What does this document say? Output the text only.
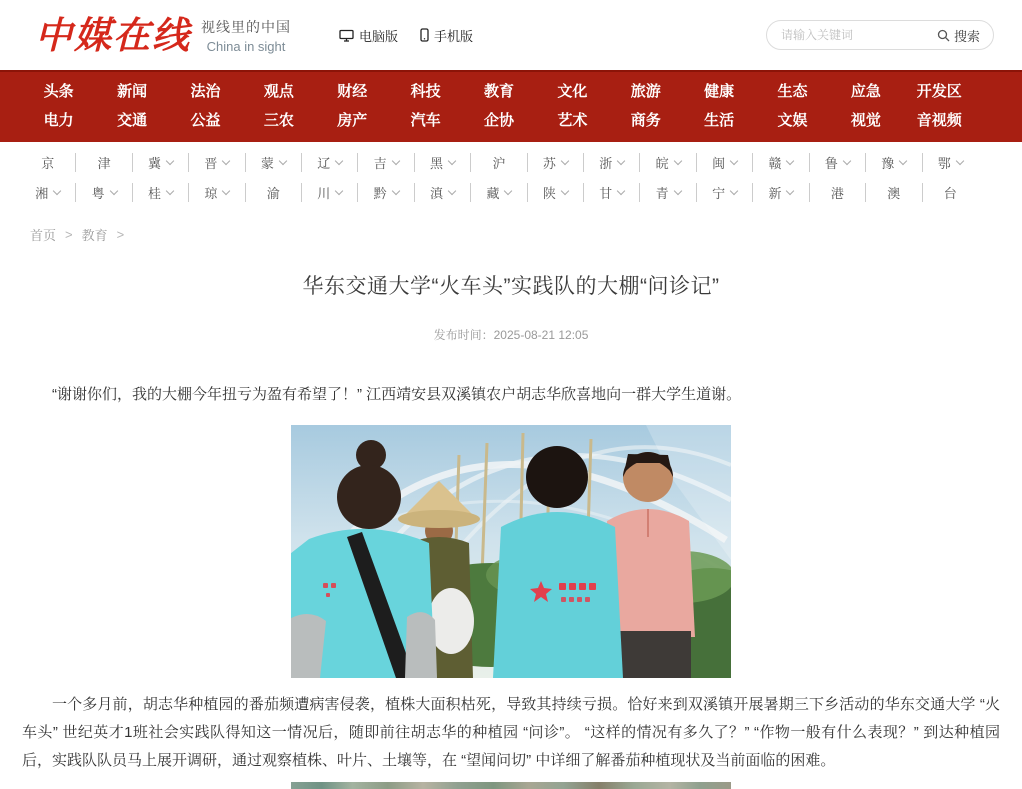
中媒在线 视线里的中国
China in sight
电脑版	手机版
请输入关键词	搜索
头条	新闻	法治	观点	财经	科技	教育	文化	旅游	健康	生态	应急	开发区
电力	交通	公益	三农	房产	汽车	企协	艺术	商务	生活	文娱	视觉	音视频
京	津	冀	晋	蒙	辽	吉	黑	沪	苏	浙	皖	闽	赣	鲁	豫	鄂
湘	粤	桂	琼	渝	川	黔	滇	藏	陕	甘	青	宁	新	港	澳	台
首页 > 教育 >
华东交通大学“火车头”实践队的大棚“问诊记”
发布时间：2025-08-21 12:05

“谢谢你们，我的大棚今年扭亏为盈有希望了！” 江西靖安县双溪镇农户胡志华欣喜地向一群大学生道谢。

一个多月前，胡志华种植园的番茄频遭病害侵袭，植株大面积枯死，导致其持续亏损。恰好来到双溪镇开展暑期三下乡活动的华东交通大学 “火车头” 世纪英才1班社会实践队得知这一情况后，随即前往胡志华的种植园 “问诊”。 “这样的情况有多久了？” “作物一般有什么表现？” 到达种植园后，实践队队员马上展开调研，通过观察植株、叶片、土壤等，在 “望闻问切” 中详细了解番茄种植现状及当前面临的困难。
